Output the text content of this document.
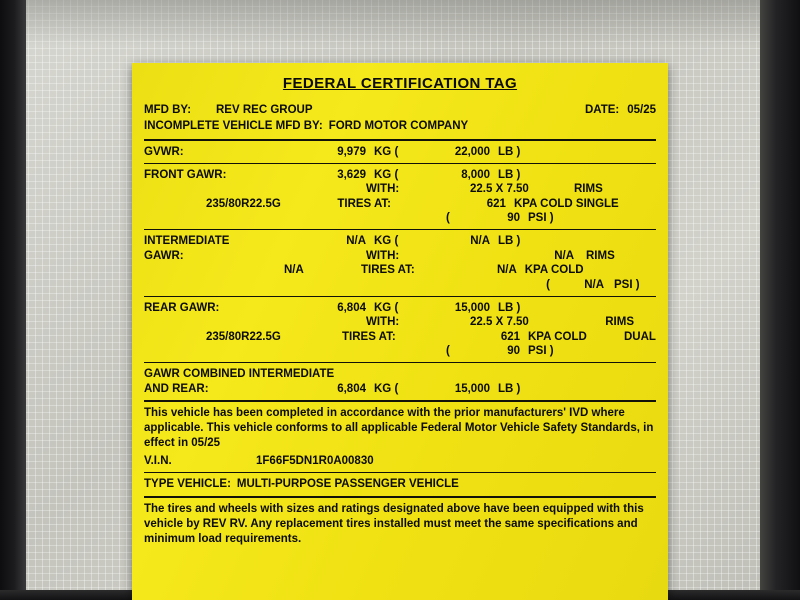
FEDERAL CERTIFICATION TAG
MFD BY:	REV REC GROUP	DATE: 05/25
INCOMPLETE VEHICLE MFD BY: FORD MOTOR COMPANY
GVWR:	9,979 KG (	22,000 LB )
FRONT GAWR:	3,629 KG (	8,000 LB )
WITH:	22.5 X 7.50	RIMS
235/80R22.5G	TIRES AT:	621 KPA COLD SINGLE
(	90 PSI )
INTERMEDIATE	N/A KG (	N/A LB )
GAWR:	WITH:	N/A	RIMS
N/A	TIRES AT:	N/A KPA COLD
(	N/A PSI )
REAR GAWR:	6,804 KG (	15,000 LB )
WITH:	22.5 X 7.50	RIMS
235/80R22.5G	TIRES AT:	621 KPA COLD	DUAL
(	90 PSI )
GAWR COMBINED INTERMEDIATE
AND REAR:	6,804 KG (	15,000 LB )
This vehicle has been completed in accordance with the prior manufacturers' IVD where applicable. This vehicle conforms to all applicable Federal Motor Vehicle Safety Standards, in effect in 05/25
V.I.N.	1F66F5DN1R0A00830
TYPE VEHICLE: MULTI-PURPOSE PASSENGER VEHICLE
The tires and wheels with sizes and ratings designated above have been equipped with this vehicle by REV RV. Any replacement tires installed must meet the same specifications and minimum load requirements.
